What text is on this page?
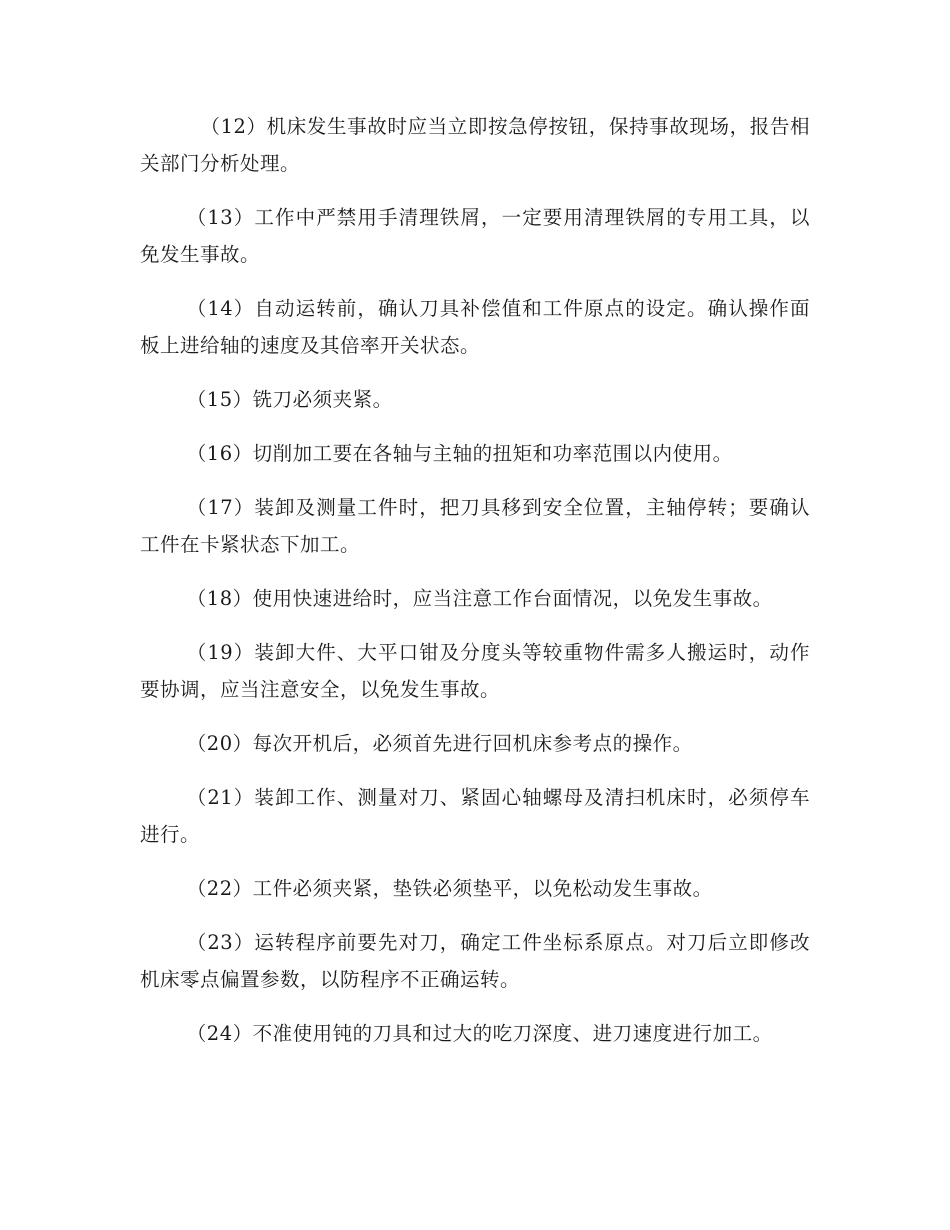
（12）机床发生事故时应当立即按急停按钮，保持事故现场，报告相关部门分析处理。

（13）工作中严禁用手清理铁屑，一定要用清理铁屑的专用工具，以免发生事故。

（14）自动运转前，确认刀具补偿值和工件原点的设定。确认操作面板上进给轴的速度及其倍率开关状态。

（15）铣刀必须夹紧。

（16）切削加工要在各轴与主轴的扭矩和功率范围以内使用。

（17）装卸及测量工件时，把刀具移到安全位置，主轴停转；要确认工件在卡紧状态下加工。

（18）使用快速进给时，应当注意工作台面情况，以免发生事故。

（19）装卸大件、大平口钳及分度头等较重物件需多人搬运时，动作要协调，应当注意安全，以免发生事故。

（20）每次开机后，必须首先进行回机床参考点的操作。

（21）装卸工作、测量对刀、紧固心轴螺母及清扫机床时，必须停车进行。

（22）工件必须夹紧，垫铁必须垫平，以免松动发生事故。

（23）运转程序前要先对刀，确定工件坐标系原点。对刀后立即修改机床零点偏置参数，以防程序不正确运转。

（24）不准使用钝的刀具和过大的吃刀深度、进刀速度进行加工。
